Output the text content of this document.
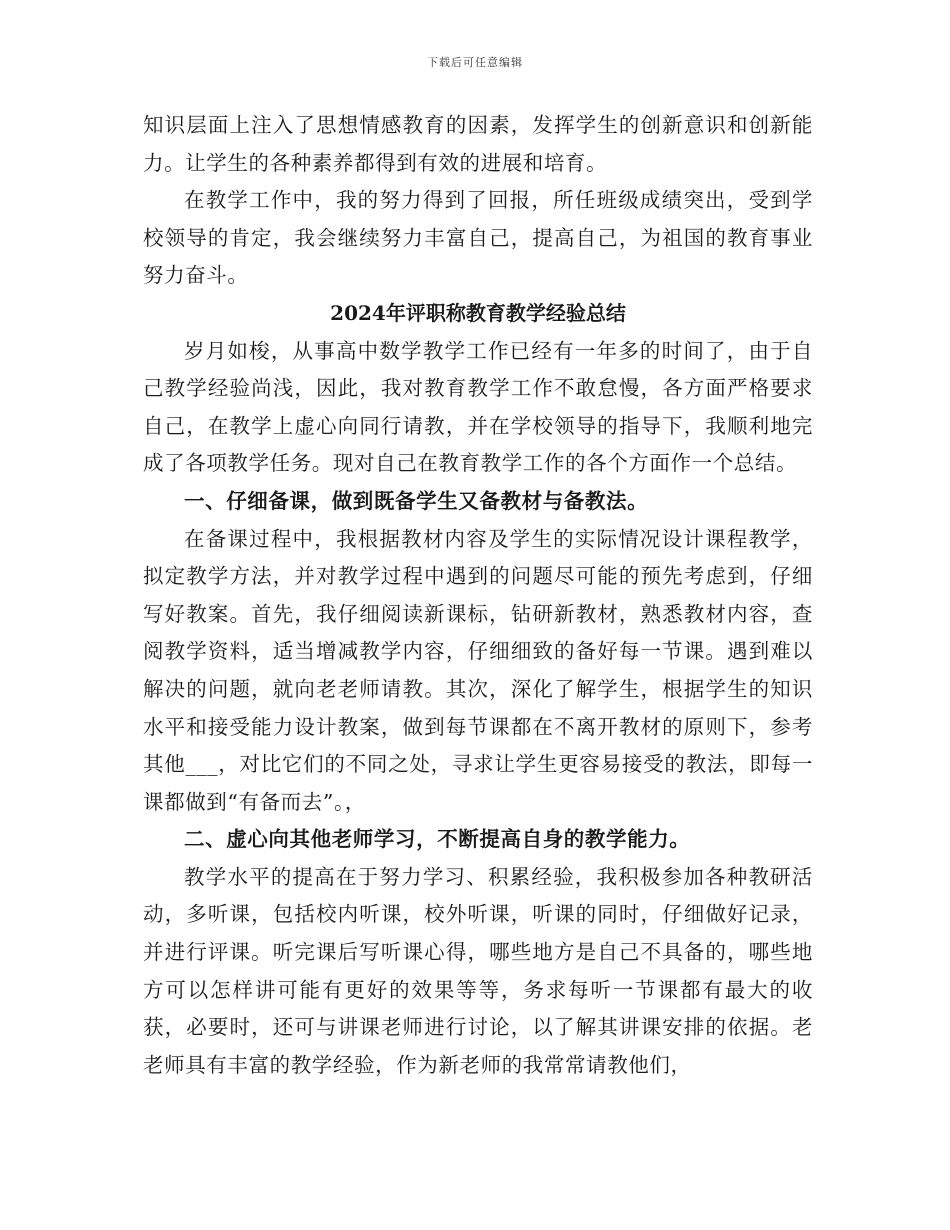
下载后可任意编辑

知识层面上注入了思想情感教育的因素，发挥学生的创新意识和创新能力。让学生的各种素养都得到有效的进展和培育。

在教学工作中，我的努力得到了回报，所任班级成绩突出，受到学校领导的肯定，我会继续努力丰富自己，提高自己，为祖国的教育事业努力奋斗。

2024年评职称教育教学经验总结

岁月如梭，从事高中数学教学工作已经有一年多的时间了，由于自己教学经验尚浅，因此，我对教育教学工作不敢怠慢，各方面严格要求自己，在教学上虚心向同行请教，并在学校领导的指导下，我顺利地完成了各项教学任务。现对自己在教育教学工作的各个方面作一个总结。

一、仔细备课，做到既备学生又备教材与备教法。

在备课过程中，我根据教材内容及学生的实际情况设计课程教学，拟定教学方法，并对教学过程中遇到的问题尽可能的预先考虑到，仔细写好教案。首先，我仔细阅读新课标，钻研新教材，熟悉教材内容，查阅教学资料，适当增减教学内容，仔细细致的备好每一节课。遇到难以解决的问题，就向老老师请教。其次，深化了解学生，根据学生的知识水平和接受能力设计教案，做到每节课都在不离开教材的原则下，参考其他___，对比它们的不同之处，寻求让学生更容易接受的教法，即每一课都做到“有备而去”。，

二、虚心向其他老师学习，不断提高自身的教学能力。

教学水平的提高在于努力学习、积累经验，我积极参加各种教研活动，多听课，包括校内听课，校外听课，听课的同时，仔细做好记录，并进行评课。听完课后写听课心得，哪些地方是自己不具备的，哪些地方可以怎样讲可能有更好的效果等等，务求每听一节课都有最大的收获，必要时，还可与讲课老师进行讨论，以了解其讲课安排的依据。老老师具有丰富的教学经验，作为新老师的我常常请教他们，
